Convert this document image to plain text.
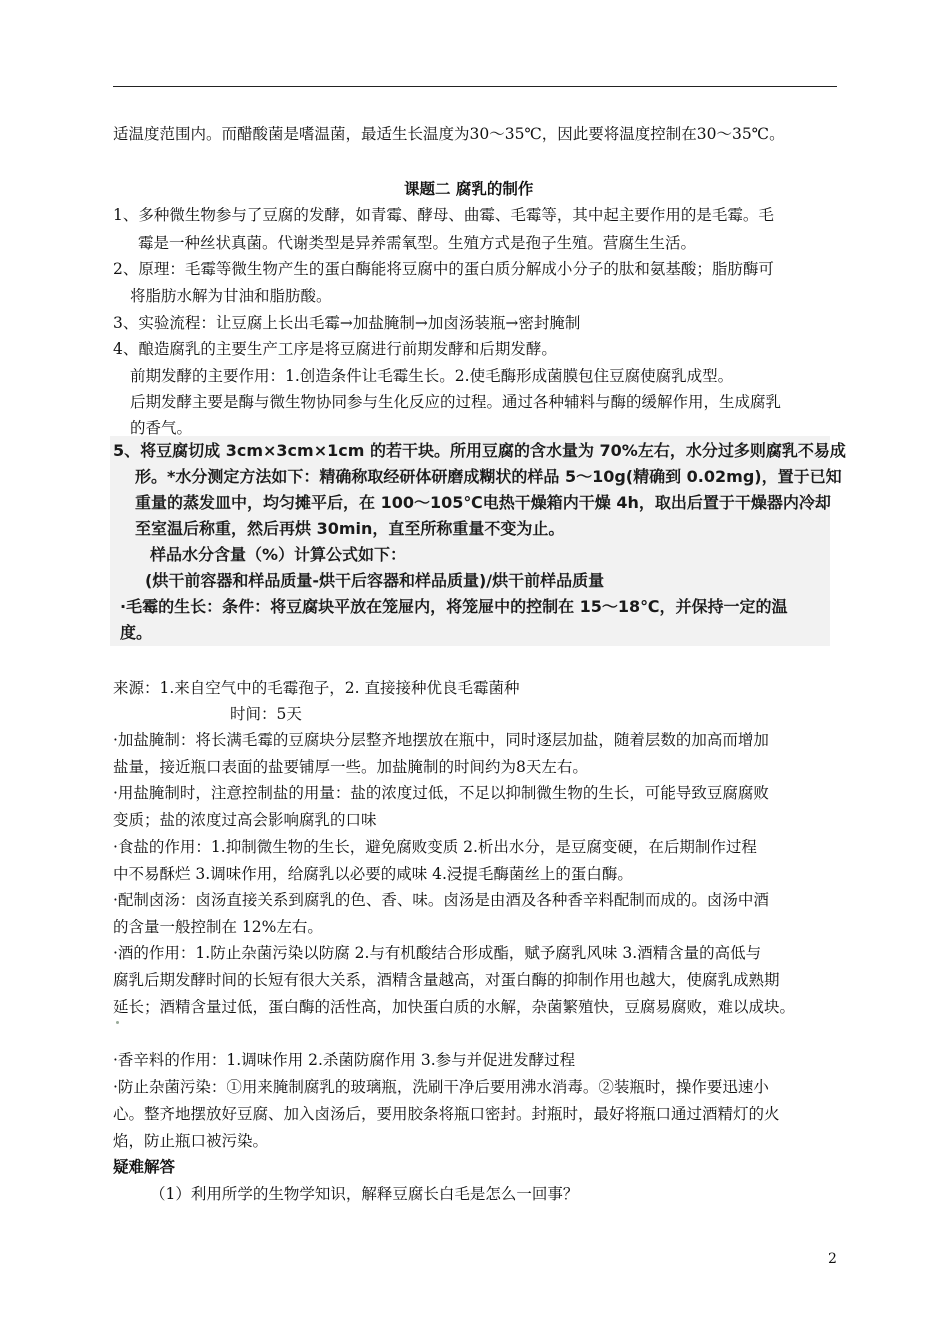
适温度范围内。而醋酸菌是嗜温菌，最适生长温度为30～35℃，因此要将温度控制在30～35℃。
课题二 腐乳的制作
1、多种微生物参与了豆腐的发酵，如青霉、酵母、曲霉、毛霉等，其中起主要作用的是毛霉。毛
霉是一种丝状真菌。代谢类型是异养需氧型。生殖方式是孢子生殖。营腐生生活。
2、原理：毛霉等微生物产生的蛋白酶能将豆腐中的蛋白质分解成小分子的肽和氨基酸；脂肪酶可
将脂肪水解为甘油和脂肪酸。
3、实验流程：让豆腐上长出毛霉→加盐腌制→加卤汤装瓶→密封腌制
4、酿造腐乳的主要生产工序是将豆腐进行前期发酵和后期发酵。
前期发酵的主要作用：1.创造条件让毛霉生长。2.使毛酶形成菌膜包住豆腐使腐乳成型。
后期发酵主要是酶与微生物协同参与生化反应的过程。通过各种辅料与酶的缓解作用，生成腐乳
的香气。
5、将豆腐切成 3cm×3cm×1cm 的若干块。所用豆腐的含水量为 70%左右，水分过多则腐乳不易成
形。*水分测定方法如下：精确称取经研体研磨成糊状的样品 5～10g(精确到 0.02mg)，置于已知
重量的蒸发皿中，均匀摊平后，在 100～105℃电热干燥箱内干燥 4h，取出后置于干燥器内冷却
至室温后称重，然后再烘 30min，直至所称重量不变为止。
样品水分含量（%）计算公式如下：
(烘干前容器和样品质量-烘干后容器和样品质量)/烘干前样品质量
·毛霉的生长：条件：将豆腐块平放在笼屉内，将笼屉中的控制在 15～18℃，并保持一定的温
度。
来源：1.来自空气中的毛霉孢子，2. 直接接种优良毛霉菌种
时间：5天
·加盐腌制：将长满毛霉的豆腐块分层整齐地摆放在瓶中，同时逐层加盐，随着层数的加高而增加
盐量，接近瓶口表面的盐要铺厚一些。加盐腌制的时间约为8天左右。
·用盐腌制时，注意控制盐的用量：盐的浓度过低，不足以抑制微生物的生长，可能导致豆腐腐败
变质；盐的浓度过高会影响腐乳的口味
·食盐的作用：1.抑制微生物的生长，避免腐败变质 2.析出水分，是豆腐变硬，在后期制作过程
中不易酥烂 3.调味作用，给腐乳以必要的咸味 4.浸提毛酶菌丝上的蛋白酶。
·配制卤汤：卤汤直接关系到腐乳的色、香、味。卤汤是由酒及各种香辛料配制而成的。卤汤中酒
的含量一般控制在 12%左右。
·酒的作用：1.防止杂菌污染以防腐 2.与有机酸结合形成酯，赋予腐乳风味 3.酒精含量的高低与
腐乳后期发酵时间的长短有很大关系，酒精含量越高，对蛋白酶的抑制作用也越大，使腐乳成熟期
延长；酒精含量过低，蛋白酶的活性高，加快蛋白质的水解，杂菌繁殖快，豆腐易腐败，难以成块。
·香辛料的作用：1.调味作用 2.杀菌防腐作用 3.参与并促进发酵过程
·防止杂菌污染：①用来腌制腐乳的玻璃瓶，洗刷干净后要用沸水消毒。②装瓶时，操作要迅速小
心。整齐地摆放好豆腐、加入卤汤后，要用胶条将瓶口密封。封瓶时，最好将瓶口通过酒精灯的火
焰，防止瓶口被污染。
疑难解答
（1）利用所学的生物学知识，解释豆腐长白毛是怎么一回事？
2
